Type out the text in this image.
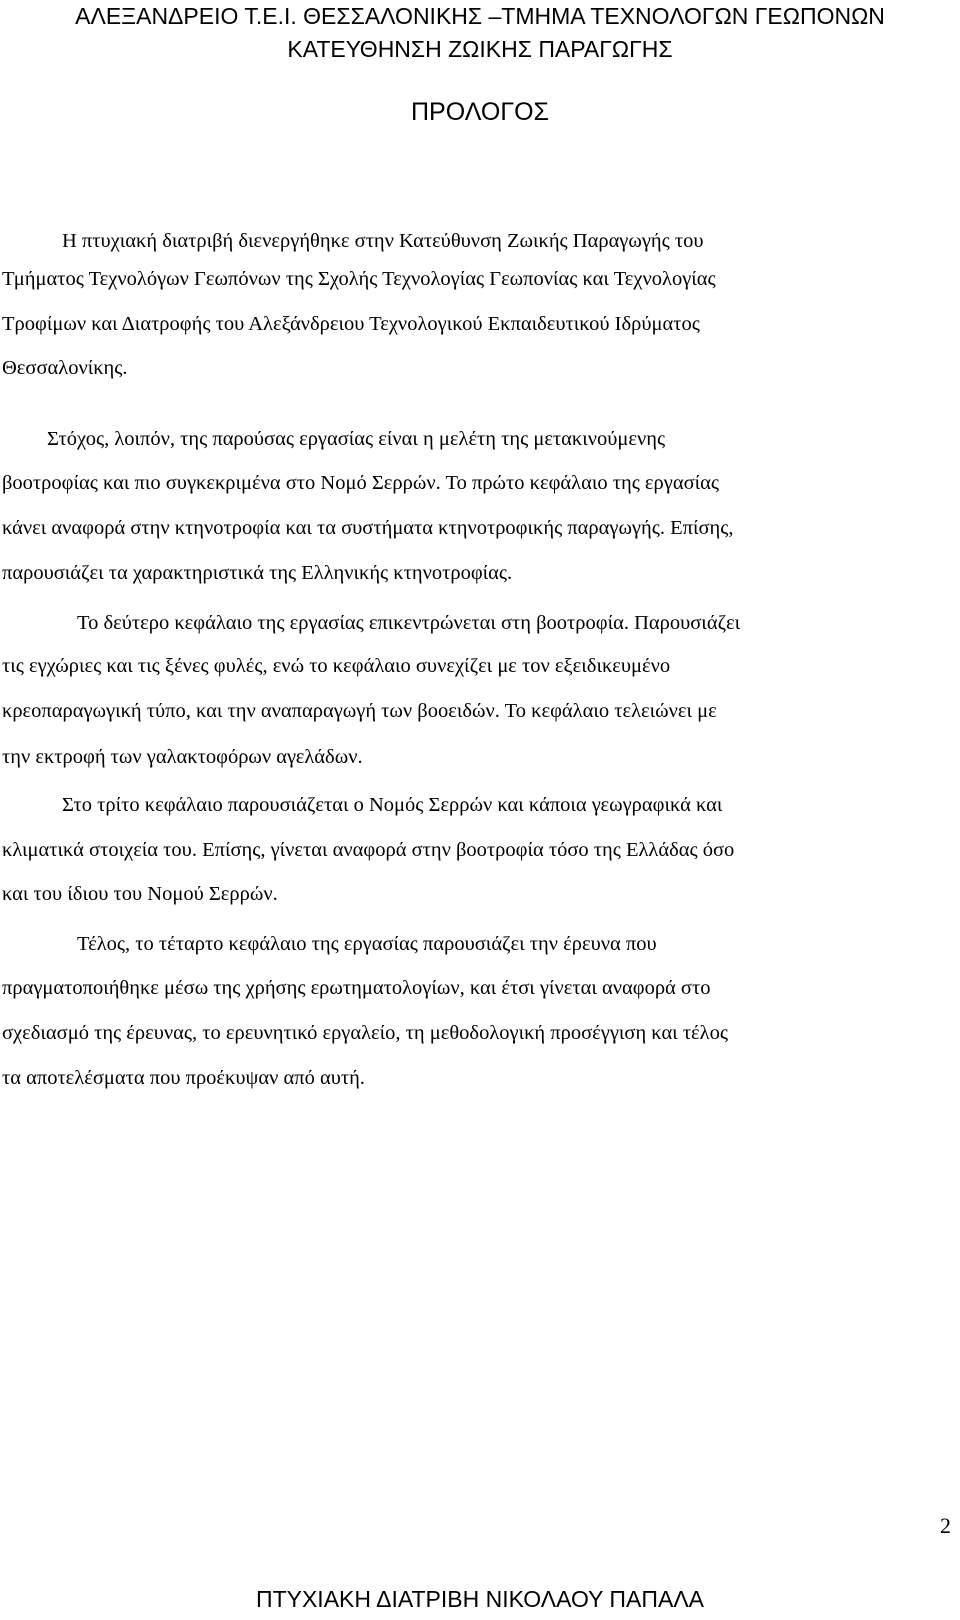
ΑΛΕΞΑΝΔΡΕΙΟ Τ.Ε.Ι. ΘΕΣΣΑΛΟΝΙΚΗΣ –ΤΜΗΜΑ ΤΕΧΝΟΛΟΓΩΝ ΓΕΩΠΟΝΩΝ
ΚΑΤΕΥΘΗΝΣΗ ΖΩΙΚΗΣ ΠΑΡΑΓΩΓΗΣ
ΠΡΟΛΟΓΟΣ
Η πτυχιακή διατριβή διενεργήθηκε στην Κατεύθυνση Ζωικής Παραγωγής του
Τμήματος Τεχνολόγων Γεωπόνων της Σχολής Τεχνολογίας Γεωπονίας και Τεχνολογίας
Τροφίμων και Διατροφής του Αλεξάνδρειου Τεχνολογικού Εκπαιδευτικού Ιδρύματος
Θεσσαλονίκης.
Στόχος, λοιπόν, της παρούσας εργασίας είναι η μελέτη της μετακινούμενης
βοοτροφίας και πιο συγκεκριμένα στο Νομό Σερρών. Το πρώτο κεφάλαιο της εργασίας
κάνει αναφορά στην κτηνοτροφία και τα συστήματα κτηνοτροφικής παραγωγής. Επίσης,
παρουσιάζει τα χαρακτηριστικά της Ελληνικής κτηνοτροφίας.
Το δεύτερο κεφάλαιο της εργασίας επικεντρώνεται στη βοοτροφία. Παρουσιάζει
τις εγχώριες και τις ξένες φυλές, ενώ το κεφάλαιο συνεχίζει με τον εξειδικευμένο
κρεοπαραγωγική τύπο, και την αναπαραγωγή των βοοειδών. Το κεφάλαιο τελειώνει με
την εκτροφή των γαλακτοφόρων αγελάδων.
Στο τρίτο κεφάλαιο παρουσιάζεται ο Νομός Σερρών και κάποια γεωγραφικά και
κλιματικά στοιχεία του. Επίσης, γίνεται αναφορά στην βοοτροφία τόσο της Ελλάδας όσο
και του ίδιου του Νομού Σερρών.
Τέλος, το τέταρτο κεφάλαιο της εργασίας παρουσιάζει την έρευνα που
πραγματοποιήθηκε μέσω της χρήσης ερωτηματολογίων, και έτσι γίνεται αναφορά στο
σχεδιασμό της έρευνας, το ερευνητικό εργαλείο, τη μεθοδολογική προσέγγιση και τέλος
τα αποτελέσματα που προέκυψαν από αυτή.
2
ΠΤΥΧΙΑΚΗ ΔΙΑΤΡΙΒΗ ΝΙΚΟΛΑΟΥ ΠΑΠΑΛΑ
